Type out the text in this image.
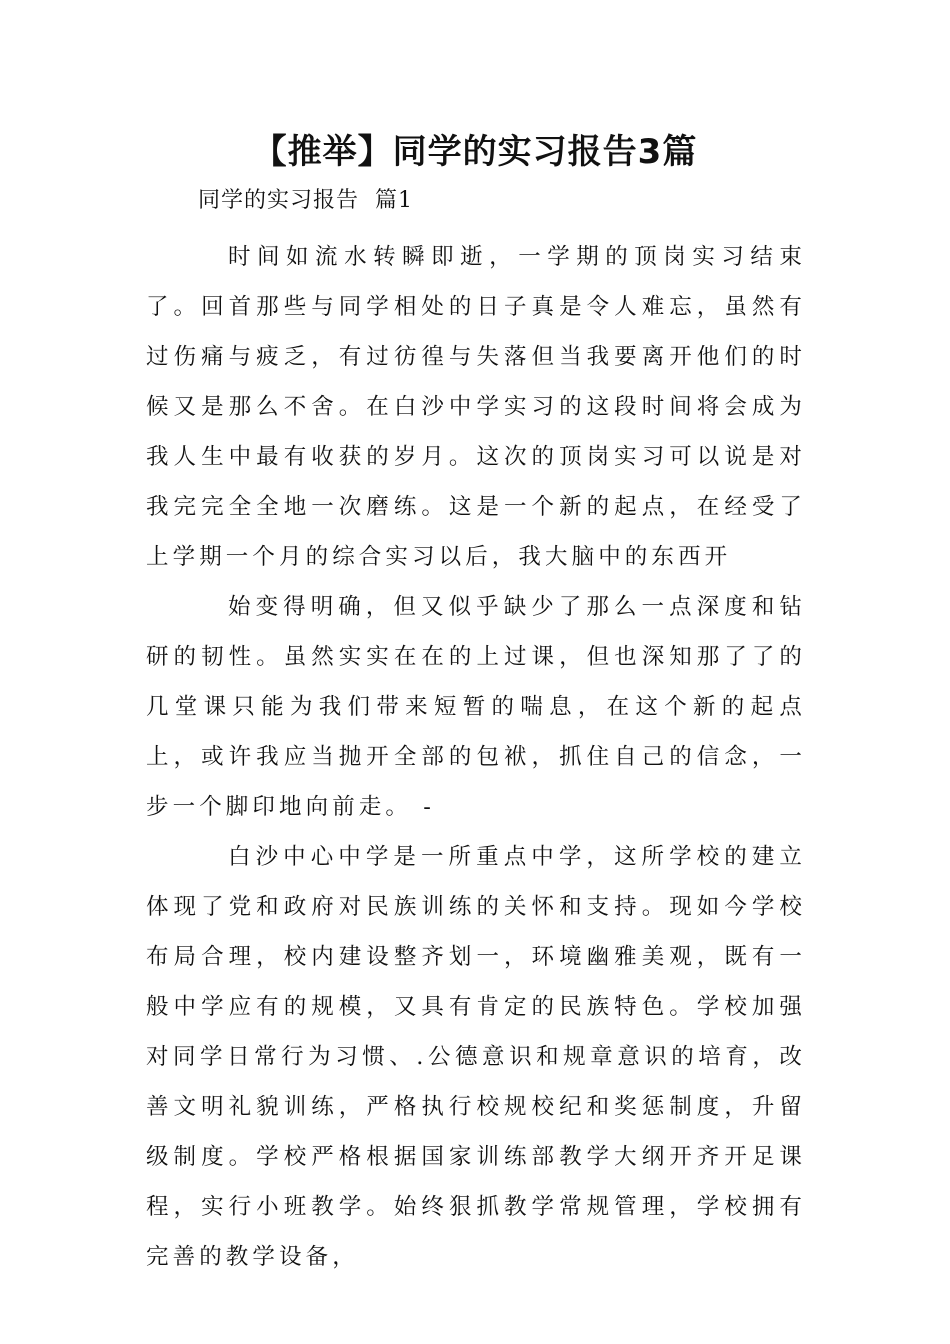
【推举】同学的实习报告3篇

同学的实习报告  篇1

时间如流水转瞬即逝，一学期的顶岗实习结束了。回首那些与同学相处的日子真是令人难忘，虽然有过伤痛与疲乏，有过彷徨与失落但当我要离开他们的时候又是那么不舍。在白沙中学实习的这段时间将会成为我人生中最有收获的岁月。这次的顶岗实习可以说是对我完完全全地一次磨练。这是一个新的起点，在经受了上学期一个月的综合实习以后，我大脑中的东西开

始变得明确，但又似乎缺少了那么一点深度和钻研的韧性。虽然实实在在的上过课，但也深知那了了的几堂课只能为我们带来短暂的喘息，在这个新的起点上，或许我应当抛开全部的包袱，抓住自己的信念，一步一个脚印地向前走。 -

白沙中心中学是一所重点中学，这所学校的建立体现了党和政府对民族训练的关怀和支持。现如今学校布局合理，校内建设整齐划一，环境幽雅美观，既有一般中学应有的规模，又具有肯定的民族特色。学校加强对同学日常行为习惯、.公德意识和规章意识的培育，改善文明礼貌训练，严格执行校规校纪和奖惩制度，升留级制度。学校严格根据国家训练部教学大纲开齐开足课程，实行小班教学。始终狠抓教学常规管理，学校拥有完善的教学设备，
